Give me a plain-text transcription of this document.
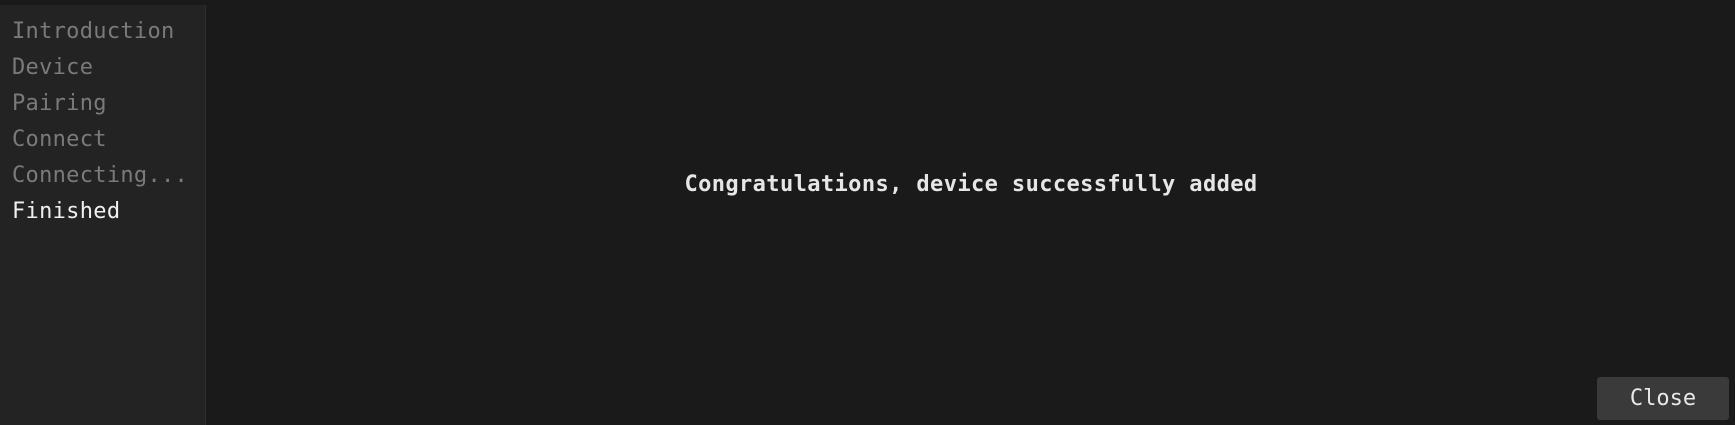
Introduction
Device
Pairing
Connect
Connecting...
Finished
Congratulations, device successfully added
Close
